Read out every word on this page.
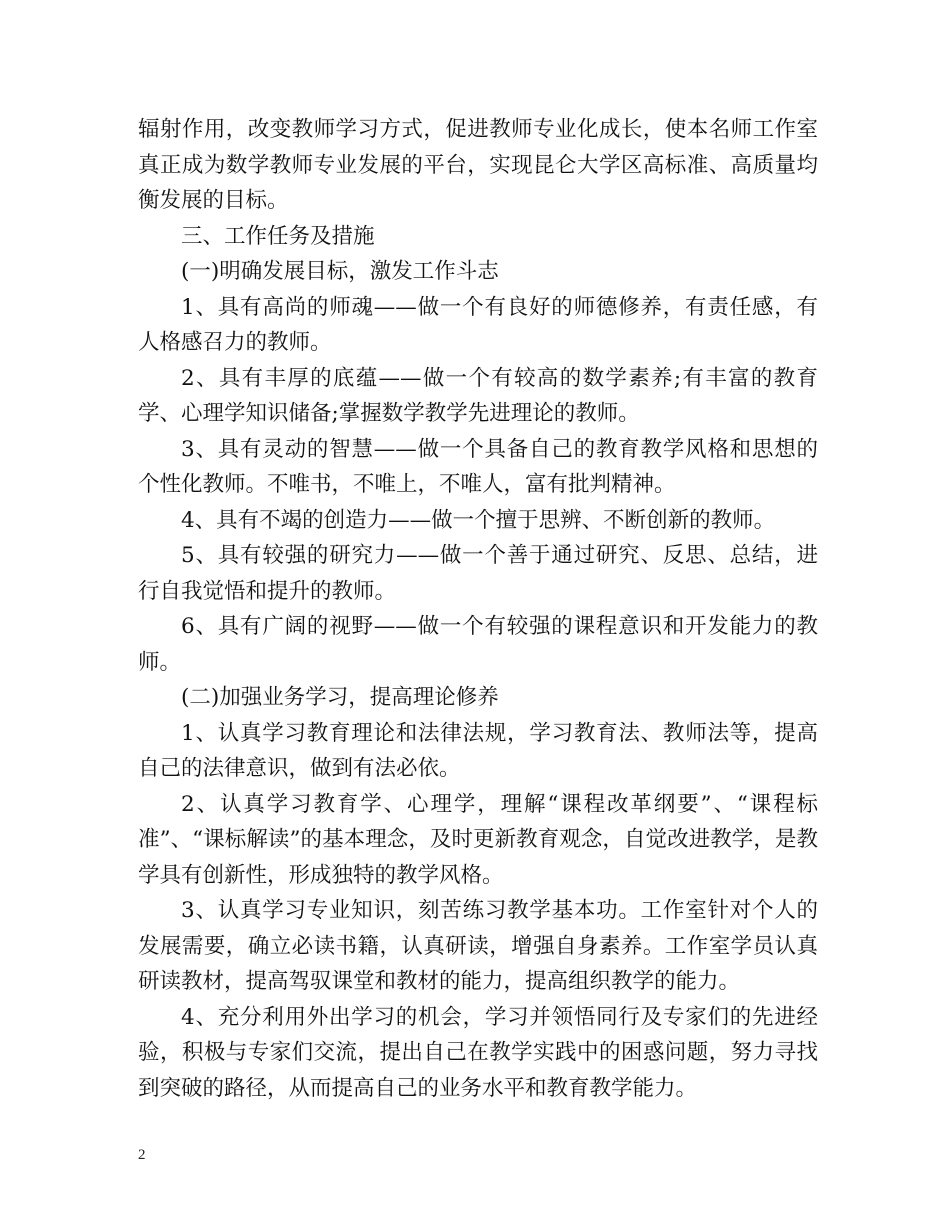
辐射作用，改变教师学习方式，促进教师专业化成长，使本名师工作室真正成为数学教师专业发展的平台，实现昆仑大学区高标准、高质量均衡发展的目标。

三、工作任务及措施

(一)明确发展目标，激发工作斗志

1、具有高尚的师魂——做一个有良好的师德修养，有责任感，有人格感召力的教师。

2、具有丰厚的底蕴——做一个有较高的数学素养;有丰富的教育学、心理学知识储备;掌握数学教学先进理论的教师。

3、具有灵动的智慧——做一个具备自己的教育教学风格和思想的个性化教师。不唯书，不唯上，不唯人，富有批判精神。

4、具有不竭的创造力——做一个擅于思辨、不断创新的教师。

5、具有较强的研究力——做一个善于通过研究、反思、总结，进行自我觉悟和提升的教师。

6、具有广阔的视野——做一个有较强的课程意识和开发能力的教师。

(二)加强业务学习，提高理论修养

1、认真学习教育理论和法律法规，学习教育法、教师法等，提高自己的法律意识，做到有法必依。

2、认真学习教育学、心理学，理解“课程改革纲要”、“课程标准”、“课标解读”的基本理念，及时更新教育观念，自觉改进教学，是教学具有创新性，形成独特的教学风格。

3、认真学习专业知识，刻苦练习教学基本功。工作室针对个人的发展需要，确立必读书籍，认真研读，增强自身素养。工作室学员认真研读教材，提高驾驭课堂和教材的能力，提高组织教学的能力。

4、充分利用外出学习的机会，学习并领悟同行及专家们的先进经验，积极与专家们交流，提出自己在教学实践中的困惑问题，努力寻找到突破的路径，从而提高自己的业务水平和教育教学能力。

2
